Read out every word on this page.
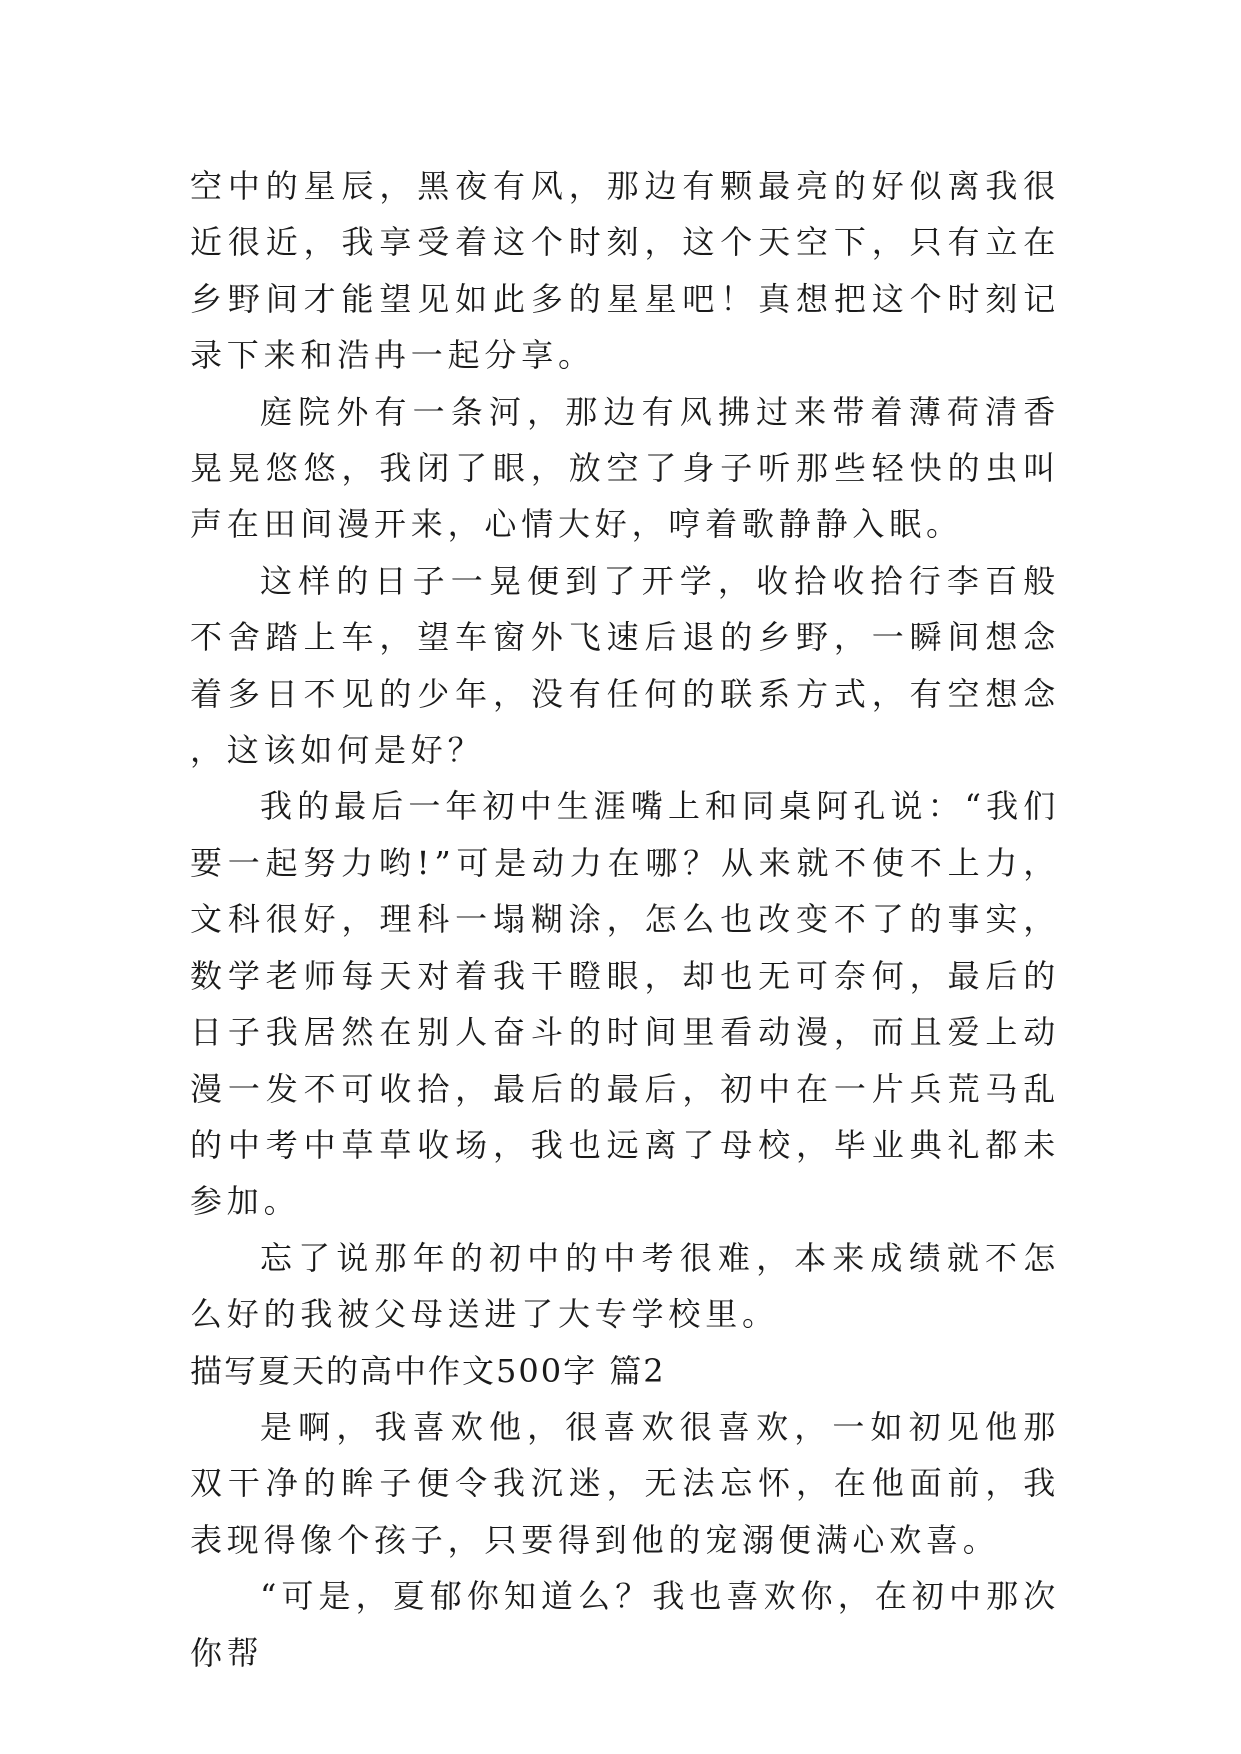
空中的星辰，黑夜有风，那边有颗最亮的好似离我很近很近，我享受着这个时刻，这个天空下，只有立在乡野间才能望见如此多的星星吧！真想把这个时刻记录下来和浩冉一起分享。

庭院外有一条河，那边有风拂过来带着薄荷清香晃晃悠悠，我闭了眼，放空了身子听那些轻快的虫叫声在田间漫开来，心情大好，哼着歌静静入眠。

这样的日子一晃便到了开学，收拾收拾行李百般不舍踏上车，望车窗外飞速后退的乡野，一瞬间想念着多日不见的少年，没有任何的联系方式，有空想念，这该如何是好？

我的最后一年初中生涯嘴上和同桌阿孔说：“我们要一起努力哟!”可是动力在哪？从来就不使不上力，文科很好，理科一塌糊涂，怎么也改变不了的事实，数学老师每天对着我干瞪眼，却也无可奈何，最后的日子我居然在别人奋斗的时间里看动漫，而且爱上动漫一发不可收拾，最后的最后，初中在一片兵荒马乱的中考中草草收场，我也远离了母校，毕业典礼都未参加。

忘了说那年的初中的中考很难，本来成绩就不怎么好的我被父母送进了大专学校里。

描写夏天的高中作文500字 篇2

是啊，我喜欢他，很喜欢很喜欢，一如初见他那双干净的眸子便令我沉迷，无法忘怀，在他面前，我表现得像个孩子，只要得到他的宠溺便满心欢喜。

“可是，夏郁你知道么？我也喜欢你，在初中那次你帮
